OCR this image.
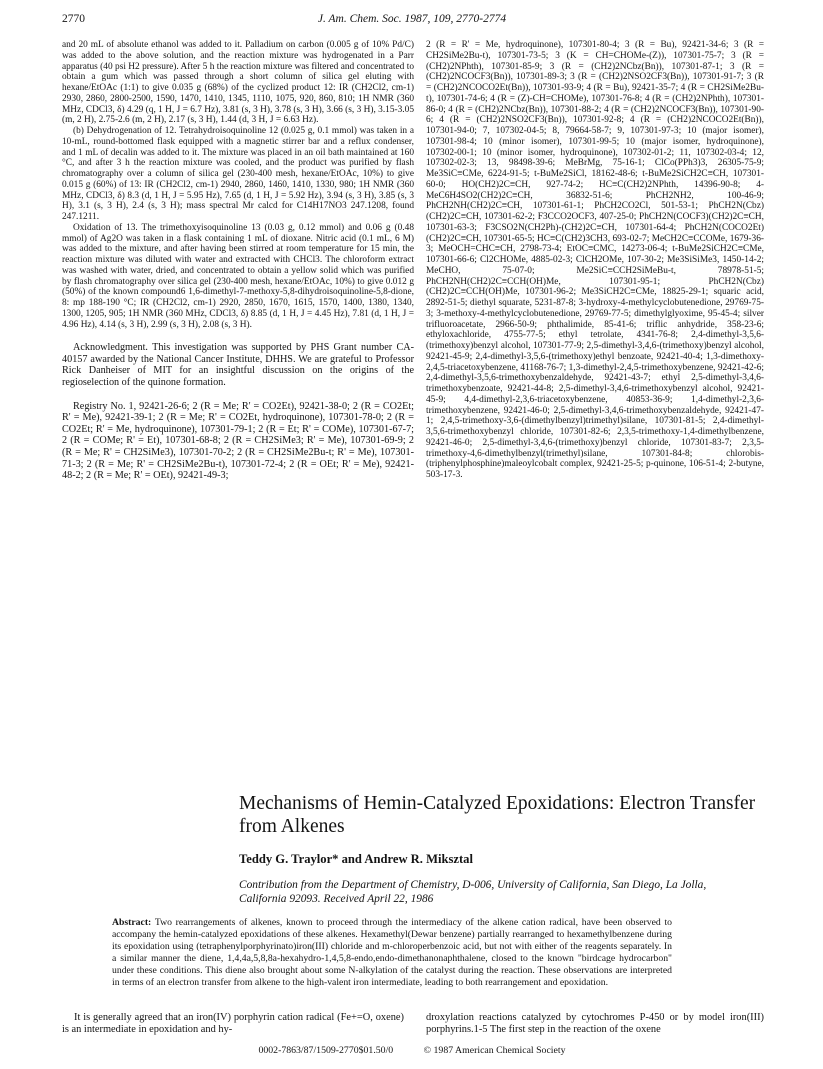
2770	J. Am. Chem. Soc. 1987, 109, 2770-2774

and 20 mL of absolute ethanol was added to it. Palladium on carbon (0.005 g of 10% Pd/C) was added to the above solution, and the reaction mixture was hydrogenated in a Parr apparatus (40 psi H2 pressure). After 5 h the reaction mixture was filtered and concentrated to obtain a gum which was passed through a short column of silica gel eluting with hexane/EtOAc (1:1) to give 0.035 g (68%) of the cyclized product 12: IR (CH2Cl2, cm-1) 2930, 2860, 2800-2500, 1590, 1470, 1410, 1345, 1110, 1075, 920, 860, 810; 1H NMR (360 MHz, CDCl3, δ) 4.29 (q, 1 H, J = 6.7 Hz), 3.81 (s, 3 H), 3.78 (s, 3 H), 3.66 (s, 3 H), 3.15-3.05 (m, 2 H), 2.75-2.6 (m, 2 H), 2.17 (s, 3 H), 1.44 (d, 3 H, J = 6.63 Hz).

(b) Dehydrogenation of 12. Tetrahydroisoquinoline 12 (0.025 g, 0.1 mmol) was taken in a 10-mL, round-bottomed flask equipped with a magnetic stirrer bar and a reflux condenser, and 1 mL of decalin was added to it. The mixture was placed in an oil bath maintained at 160 °C, and after 3 h the reaction mixture was cooled, and the product was purified by flash chromatography over a column of silica gel (230-400 mesh, hexane/EtOAc, 10%) to give 0.015 g (60%) of 13: IR (CH2Cl2, cm-1) 2940, 2860, 1460, 1410, 1330, 980; 1H NMR (360 MHz, CDCl3, δ) 8.3 (d, 1 H, J = 5.95 Hz), 7.65 (d, 1 H, J = 5.92 Hz), 3.94 (s, 3 H), 3.85 (s, 3 H), 3.1 (s, 3 H), 2.4 (s, 3 H); mass spectral Mr calcd for C14H17NO3 247.1208, found 247.1211.

Oxidation of 13. The trimethoxyisoquinoline 13 (0.03 g, 0.12 mmol) and 0.06 g (0.48 mmol) of Ag2O was taken in a flask containing 1 mL of dioxane. Nitric acid (0.1 mL, 6 M) was added to the mixture, and after having been stirred at room temperature for 15 min, the reaction mixture was diluted with water and extracted with CHCl3. The chloroform extract was washed with water, dried, and concentrated to obtain a yellow solid which was purified by flash chromatography over silica gel (230-400 mesh, hexane/EtOAc, 10%) to give 0.012 g (50%) of the known compound6 1,6-dimethyl-7-methoxy-5,8-dihydroisoquinoline-5,8-dione, 8: mp 188-190 °C; IR (CH2Cl2, cm-1) 2920, 2850, 1670, 1615, 1570, 1400, 1380, 1340, 1300, 1205, 905; 1H NMR (360 MHz, CDCl3, δ) 8.85 (d, 1 H, J = 4.45 Hz), 7.81 (d, 1 H, J = 4.96 Hz), 4.14 (s, 3 H), 2.99 (s, 3 H), 2.08 (s, 3 H).

Acknowledgment. This investigation was supported by PHS Grant number CA-40157 awarded by the National Cancer Institute, DHHS. We are grateful to Professor Rick Danheiser of MIT for an insightful discussion on the origins of the regioselection of the quinone formation.

Registry No. 1, 92421-26-6; 2 (R = Me; R' = CO2Et), 92421-38-0; 2 (R = CO2Et; R' = Me), 92421-39-1; 2 (R = Me; R' = CO2Et, hydroquinone), 107301-78-0; 2 (R = CO2Et; R' = Me, hydroquinone), 107301-79-1; 2 (R = Et; R' = COMe), 107301-67-7; 2 (R = COMe; R' = Et), 107301-68-8; 2 (R = CH2SiMe3; R' = Me), 107301-69-9; 2 (R = Me; R' = CH2SiMe3), 107301-70-2; 2 (R = CH2SiMe2Bu-t; R' = Me), 107301-71-3; 2 (R = Me; R' = CH2SiMe2Bu-t), 107301-72-4; 2 (R = OEt; R' = Me), 92421-48-2; 2 (R = Me; R' = OEt), 92421-49-3;

2 (R = R' = Me, hydroquinone), 107301-80-4; 3 (R = Bu), 92421-34-6; 3 (R = CH2SiMe2Bu-t), 107301-73-5; 3 (K = CH=CHOMe-(Z)), 107301-75-7; 3 (R = (CH2)2NPhth), 107301-85-9; 3 (R = (CH2)2NCbz(Bn)), 107301-87-1; 3 (R = (CH2)2NCOCF3(Bn)), 107301-89-3; 3 (R = (CH2)2NSO2CF3(Bn)), 107301-91-7; 3 (R = (CH2)2NCOCO2Et(Bn)), 107301-93-9; 4 (R = Bu), 92421-35-7; 4 (R = CH2SiMe2Bu-t), 107301-74-6; 4 (R = (Z)-CH=CHOMe), 107301-76-8; 4 (R = (CH2)2NPhth), 107301-86-0; 4 (R = (CH2)2NCbz(Bn)), 107301-88-2; 4 (R = (CH2)2NCOCF3(Bn)), 107301-90-6; 4 (R = (CH2)2NSO2CF3(Bn)), 107301-92-8; 4 (R = (CH2)2NCOCO2Et(Bn)), 107301-94-0; 7, 107302-04-5; 8, 79664-58-7; 9, 107301-97-3; 10 (major isomer), 107301-98-4; 10 (minor isomer), 107301-99-5; 10 (major isomer, hydroquinone), 107302-00-1; 10 (minor isomer, hydroquinone), 107302-01-2; 11, 107302-03-4; 12, 107302-02-3; 13, 98498-39-6; MeBrMg, 75-16-1; ClCo(PPh3)3, 26305-75-9; Me3SiC≡CMe, 6224-91-5; t-BuMe2SiCl, 18162-48-6; t-BuMe2SiCH2C≡CH, 107301-60-0; HO(CH2)2C≡CH, 927-74-2; HC≡C(CH2)2NPhth, 14396-90-8; 4-MeC6H4SO2(CH2)2C≡CH, 36832-51-6; PhCH2NH2, 100-46-9; PhCH2NH(CH2)2C≡CH, 107301-61-1; PhCH2CO2Cl, 501-53-1; PhCH2N(Cbz)(CH2)2C≡CH, 107301-62-2; F3CCO2OCF3, 407-25-0; PhCH2N(COCF3)(CH2)2C≡CH, 107301-63-3; F3CSO2N(CH2Ph)-(CH2)2C≡CH, 107301-64-4; PhCH2N(COCO2Et)(CH2)2C≡CH, 107301-65-5; HC≡C(CH2)3CH3, 693-02-7; MeCH2C≡CCOMe, 1679-36-3; MeOCH=CHC≡CH, 2798-73-4; EtOC≡CMC, 14273-06-4; t-BuMe2SiCH2C≡CMe, 107301-66-6; Cl2CHOMe, 4885-02-3; ClCH2OMe, 107-30-2; Me3SiSiMe3, 1450-14-2; MeCHO, 75-07-0; Me2SiC≡CCH2SiMeBu-t, 78978-51-5; PhCH2NH(CH2)2C≡CCH(OH)Me, 107301-95-1; PhCH2N(Cbz)(CH2)2C≡CCH(OH)Me, 107301-96-2; Me3SiCH2C≡CMe, 18825-29-1; squaric acid, 2892-51-5; diethyl squarate, 5231-87-8; 3-hydroxy-4-methylcyclobutenedione, 29769-75-3; 3-methoxy-4-methylcyclobutenedione, 29769-77-5; dimethylglyoxime, 95-45-4; silver trifluoroacetate, 2966-50-9; phthalimide, 85-41-6; triflic anhydride, 358-23-6; ethyloxachloride, 4755-77-5; ethyl tetrolate, 4341-76-8; 2,4-dimethyl-3,5,6-(trimethoxy)benzyl alcohol, 107301-77-9; 2,5-dimethyl-3,4,6-(trimethoxy)benzyl alcohol, 92421-45-9; 2,4-dimethyl-3,5,6-(trimethoxy)ethyl benzoate, 92421-40-4; 1,3-dimethoxy-2,4,5-triacetoxybenzene, 41168-76-7; 1,3-dimethyl-2,4,5-trimethoxybenzene, 92421-42-6; 2,4-dimethyl-3,5,6-trimethoxybenzaldehyde, 92421-43-7; ethyl 2,5-dimethyl-3,4,6-trimethoxybenzoate, 92421-44-8; 2,5-dimethyl-3,4,6-trimethoxybenzyl alcohol, 92421-45-9; 4,4-dimethyl-2,3,6-triacetoxybenzene, 40853-36-9; 1,4-dimethyl-2,3,6-trimethoxybenzene, 92421-46-0; 2,5-dimethyl-3,4,6-trimethoxybenzaldehyde, 92421-47-1; 2,4,5-trimethoxy-3,6-(dimethylbenzyl)trimethyl)silane, 107301-81-5; 2,4-dimethyl-3,5,6-trimethoxybenzyl chloride, 107301-82-6; 2,3,5-trimethoxy-1,4-dimethylbenzene, 92421-46-0; 2,5-dimethyl-3,4,6-(trimethoxy)benzyl chloride, 107301-83-7; 2,3,5-trimethoxy-4,6-dimethylbenzyl(trimethyl)silane, 107301-84-8; chlorobis-(triphenylphosphine)maleoylcobalt complex, 92421-25-5; p-quinone, 106-51-4; 2-butyne, 503-17-3.

Mechanisms of Hemin-Catalyzed Epoxidations: Electron Transfer from Alkenes
Teddy G. Traylor* and Andrew R. Miksztal
Contribution from the Department of Chemistry, D-006, University of California, San Diego, La Jolla, California 92093. Received April 22, 1986
Abstract: Two rearrangements of alkenes, known to proceed through the intermediacy of the alkene cation radical, have been observed to accompany the hemin-catalyzed epoxidations of these alkenes. Hexamethyl(Dewar benzene) partially rearranged to hexamethylbenzene during its epoxidation using (tetraphenylporphyrinato)iron(III) chloride and m-chloroperbenzoic acid, but not with either of the reagents separately. In a similar manner the diene, 1,4,4a,5,8,8a-hexahydro-1,4,5,8-endo,endo-dimethanonaphthalene, closed to the known "birdcage hydrocarbon" under these conditions. This diene also brought about some N-alkylation of the catalyst during the reaction. These observations are interpreted in terms of an electron transfer from alkene to the high-valent iron intermediate, leading to both rearrangement and epoxidation.

It is generally agreed that an iron(IV) porphyrin cation radical (Fe+=O, oxene) is an intermediate in epoxidation and hy-

droxylation reactions catalyzed by cytochromes P-450 or by model iron(III) porphyrins.1-5 The first step in the reaction of the oxene

0002-7863/87/1509-2770$01.50/0	© 1987 American Chemical Society
